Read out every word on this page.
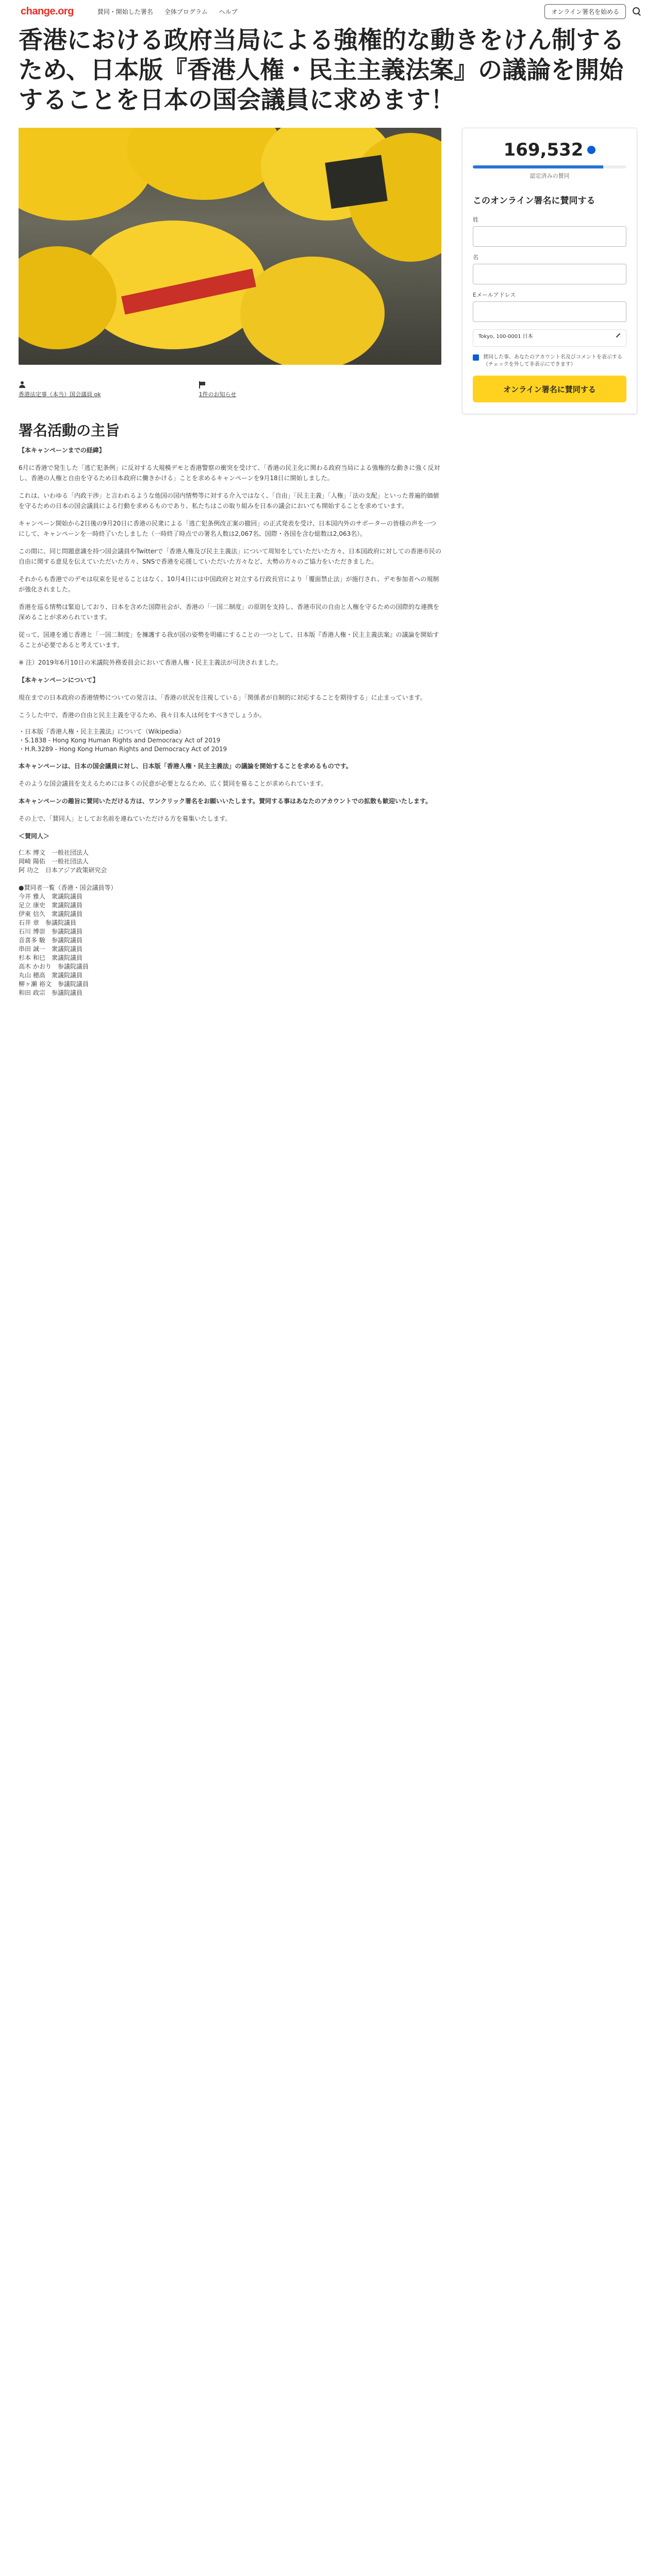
change.org	賛同・開始した署名 全体プログラム ヘルプ	オンライン署名を始める
香港における政府当局による強権的な動きをけん制するため、日本版『香港人権・民主主義法案』の議論を開始することを日本の国会議員に求めます！
香港法定事（本当）国会議員 ok	1件のお知らせ
署名活動の主旨

【本キャンペーンまでの経緯】

6月に香港で発生した「逃亡犯条例」に反対する大規模デモと香港警察の衝突を受けて、「香港の民主化に関わる政府当局による強権的な動きに強く反対し、香港の人権と自由を守るため日本政府に働きかける」ことを求めるキャンペーンを9月18日に開始しました。

これは、いわゆる「内政干渉」と言われるような他国の国内情勢等に対する介入ではなく、「自由」「民主主義」「人権」「法の支配」といった普遍的価値を守るための日本の国会議員による行動を求めるものであり、私たちはこの取り組みを日本の議会においても開始することを求めています。

キャンペーン開始から2日後の9月20日に香港の民衆による「逃亡犯条例改正案の撤回」の正式発表を受け、日本国内外のサポーターの皆様の声を一つにして、キャンペーンを一時終了いたしました（一時終了時点での署名人数は2,067名、国際・各国を含む総数は2,063名）。

この間に、同じ問題意識を持つ国会議員やTwitterで「香港人権及び民主主義法」について周知をしていただいた方々、日本国政府に対しての香港市民の自由に関する意見を伝えていただいた方々、SNSで香港を応援していただいた方々など、大勢の方々のご協力をいただきました。

それからも香港でのデモは収束を見せることはなく、10月4日には中国政府と対立する行政長官により「覆面禁止法」が施行され、デモ参加者への規制が強化されました。

香港を巡る情勢は緊迫しており、日本を含めた国際社会が、香港の「一国二制度」の原則を支持し、香港市民の自由と人権を守るための国際的な連携を深めることが求められています。

従って、国連を通じ香港と「一国二制度」を擁護する我が国の姿勢を明確にすることの一つとして、日本版『香港人権・民主主義法案』の議論を開始することが必要であると考えています。

※ 注）2019年6月10日の米議院外務委員会において香港人権・民主主義法が可決されました。

【本キャンペーンについて】

現在までの日本政府の香港情勢についての発言は、「香港の状況を注視している」「関係者が自制的に対応することを期待する」に止まっています。

こうした中で、香港の自由と民主主義を守るため、我々日本人は何をすべきでしょうか。

・日本版『香港人権・民主主義法』について（Wikipedia）
・S.1838 - Hong Kong Human Rights and Democracy Act of 2019
・H.R.3289 - Hong Kong Human Rights and Democracy Act of 2019

本キャンペーンは、日本の国会議員に対し、日本版「香港人権・民主主義法」の議論を開始することを求めるものです。

そのような国会議員を支えるためには多くの民意が必要となるため、広く賛同を募ることが求められています。

本キャンペーンの趣旨に賛同いただける方は、ワンクリック署名をお願いいたします。賛同する事はあなたのアカウントでの拡散も歓迎いたします。

その上で、「賛同人」としてお名前を連ねていただける方を募集いたします。

＜賛同人＞

仁木 博文　一般社団法人
岡崎 陽佑　一般社団法人
阿 功之　日本アジア政策研究会

●賛同者一覧（香港・国会議員等）
今井 雅人　衆議院議員
足立 康史　衆議院議員
伊東 信久　衆議院議員
石井 章　参議院議員
石川 博崇　参議院議員
音喜多 駿　参議院議員
串田 誠一　衆議院議員
杉本 和巳　衆議院議員
高木 かおり　参議院議員
丸山 穂高　衆議院議員
柳ヶ瀬 裕文　参議院議員
和田 政宗　参議院議員
169,532
認定済みの賛同
このオンライン署名に賛同する
姓
名
Eメールアドレス
Tokyo, 100-0001 日本
賛同した事、あなたのアカウント名及びコメントを表示する（チェックを外して非表示にできます）
オンライン署名に賛同する
